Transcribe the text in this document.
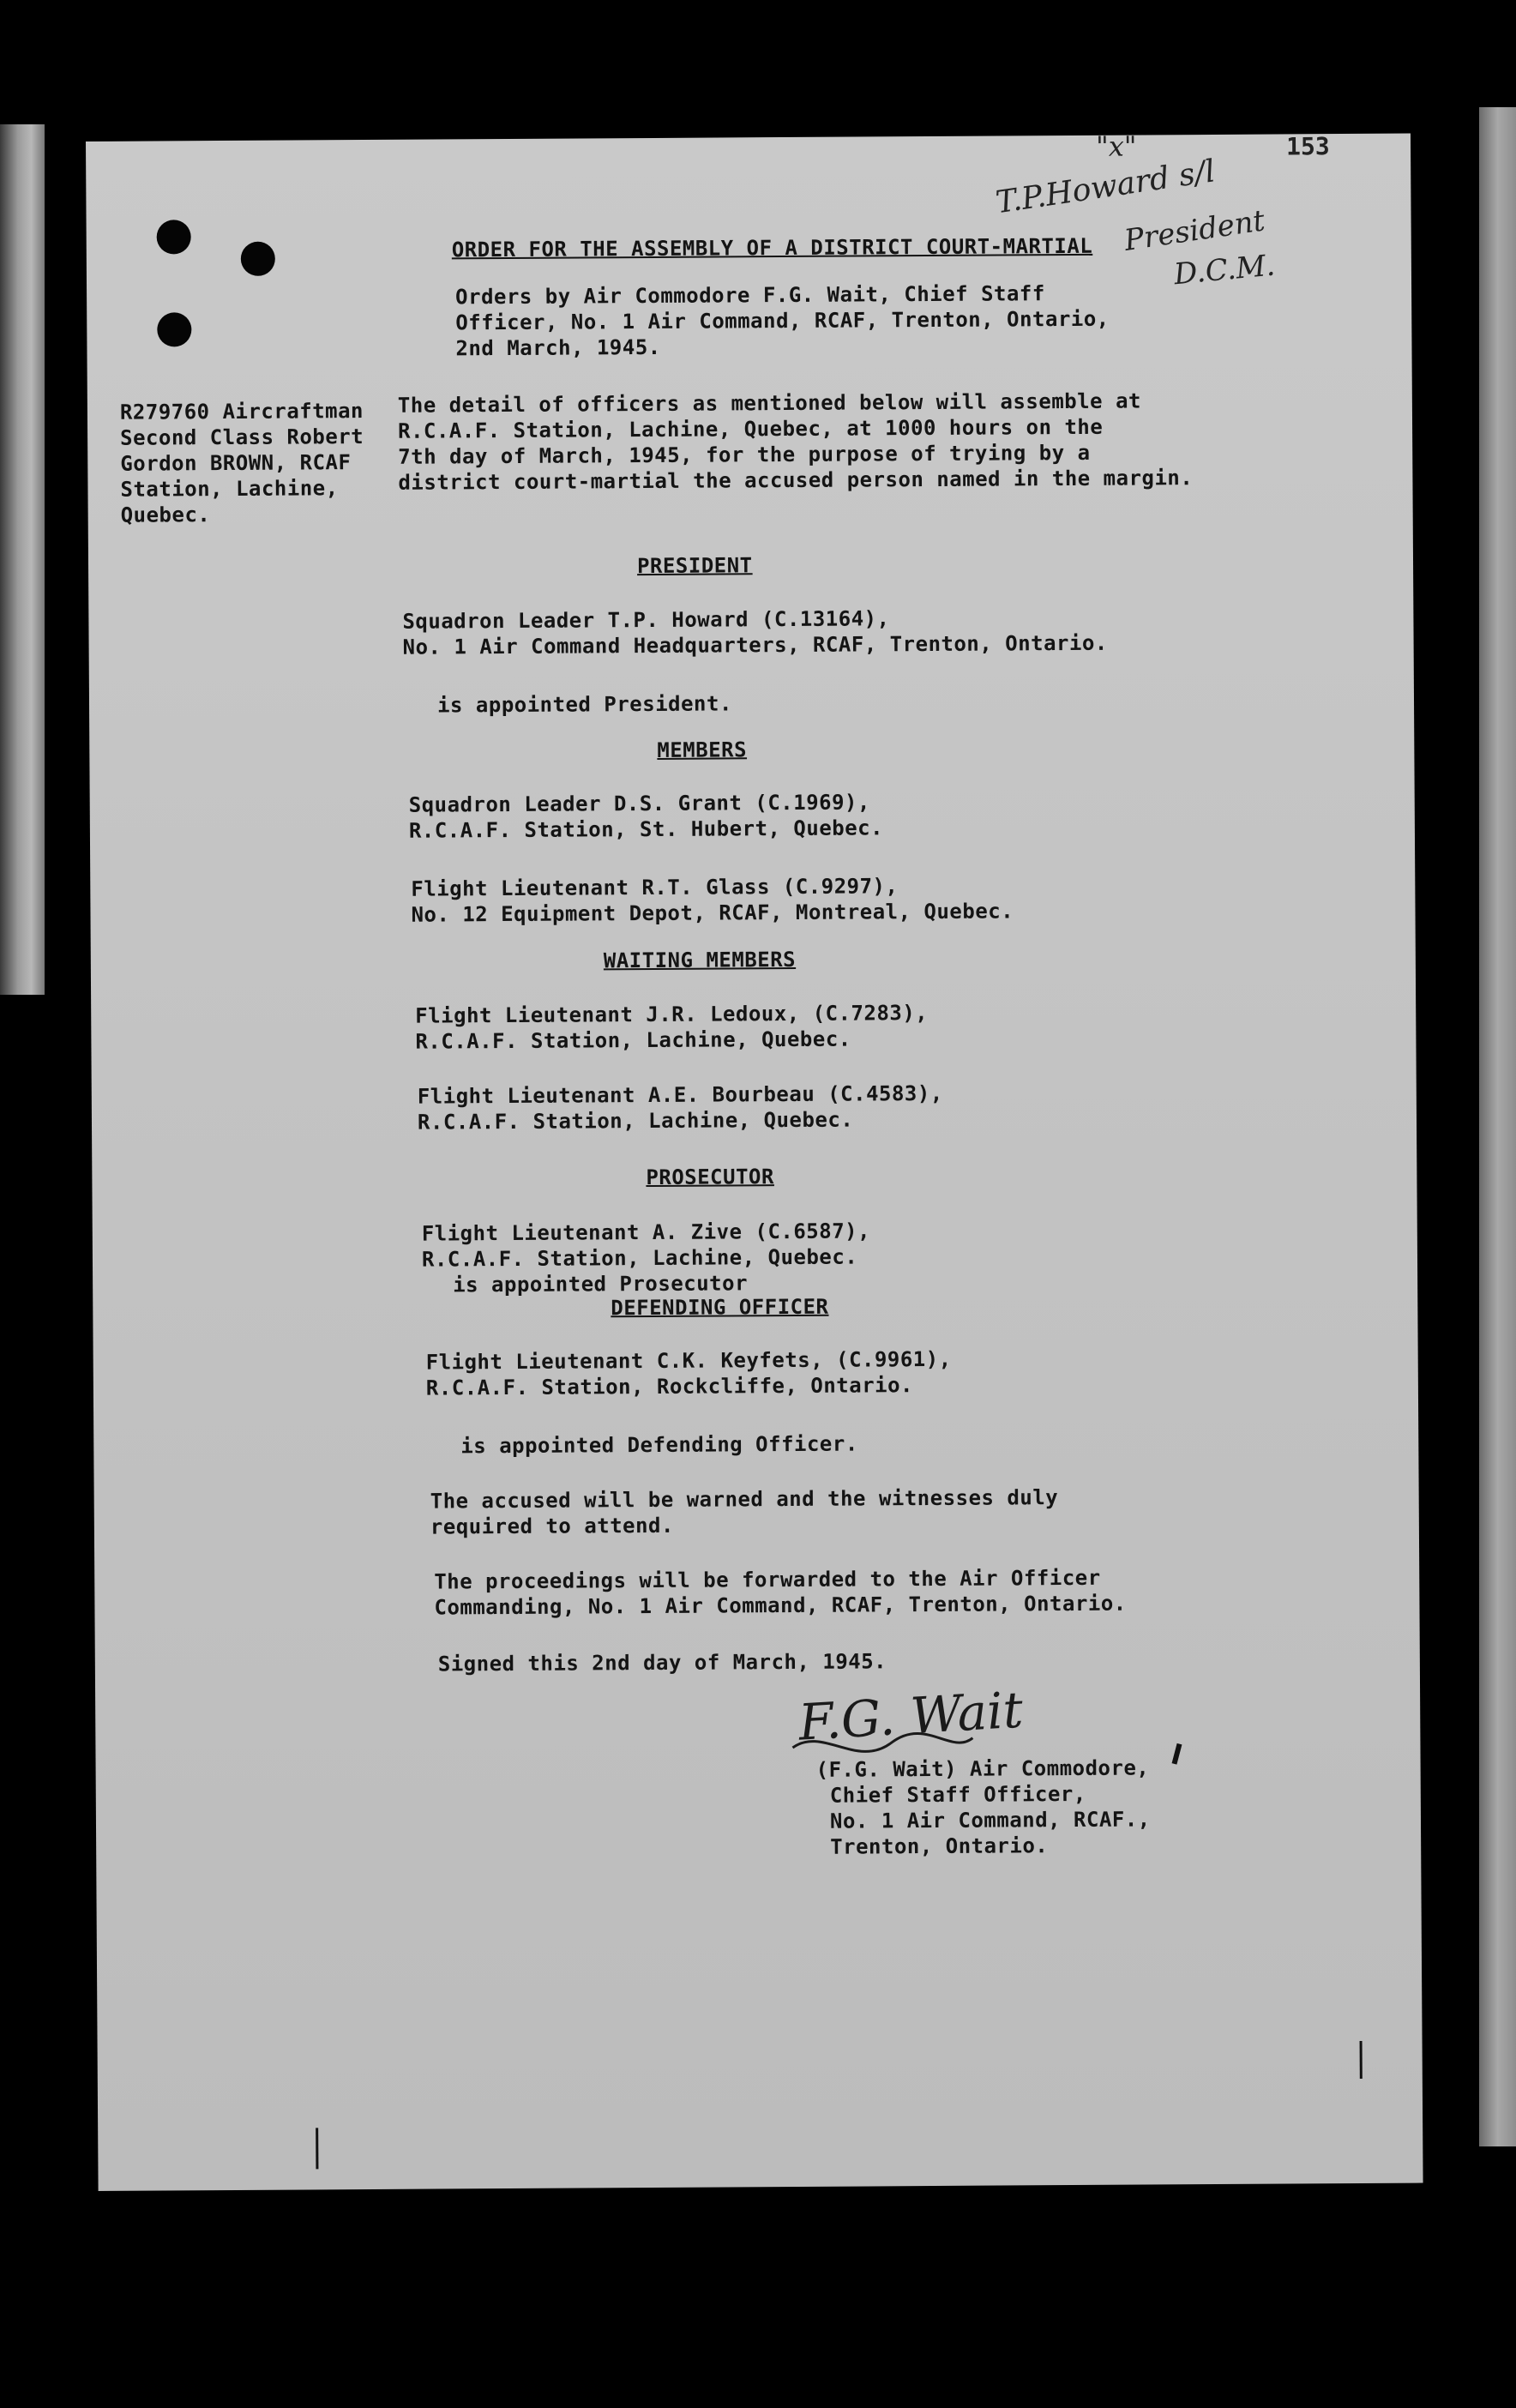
153
"x"
T.P.Howard s/l
President
D.C.M.
ORDER FOR THE ASSEMBLY OF A DISTRICT COURT-MARTIAL
Orders by Air Commodore F.G. Wait, Chief Staff
Officer, No. 1 Air Command, RCAF, Trenton, Ontario,
2nd March, 1945.
R279760 Aircraftman
Second Class Robert
Gordon BROWN, RCAF
Station, Lachine,
Quebec.
The detail of officers as mentioned below will assemble at
R.C.A.F. Station, Lachine, Quebec, at 1000 hours on the
7th day of March, 1945, for the purpose of trying by a
district court-martial the accused person named in the margin.
PRESIDENT
Squadron Leader T.P. Howard (C.13164),
No. 1 Air Command Headquarters, RCAF, Trenton, Ontario.
is appointed President.
MEMBERS
Squadron Leader D.S. Grant (C.1969),
R.C.A.F. Station, St. Hubert, Quebec.
Flight Lieutenant R.T. Glass (C.9297),
No. 12 Equipment Depot, RCAF, Montreal, Quebec.
WAITING MEMBERS
Flight Lieutenant J.R. Ledoux, (C.7283),
R.C.A.F. Station, Lachine, Quebec.
Flight Lieutenant A.E. Bourbeau (C.4583),
R.C.A.F. Station, Lachine, Quebec.
PROSECUTOR
Flight Lieutenant A. Zive (C.6587),
R.C.A.F. Station, Lachine, Quebec.
is appointed Prosecutor
DEFENDING OFFICER
Flight Lieutenant C.K. Keyfets, (C.9961),
R.C.A.F. Station, Rockcliffe, Ontario.
is appointed Defending Officer.
The accused will be warned and the witnesses duly
required to attend.
The proceedings will be forwarded to the Air Officer
Commanding, No. 1 Air Command, RCAF, Trenton, Ontario.
Signed this 2nd day of March, 1945.
F.G. Wait
(F.G. Wait) Air Commodore,
Chief Staff Officer,
No. 1 Air Command, RCAF.,
Trenton, Ontario.
